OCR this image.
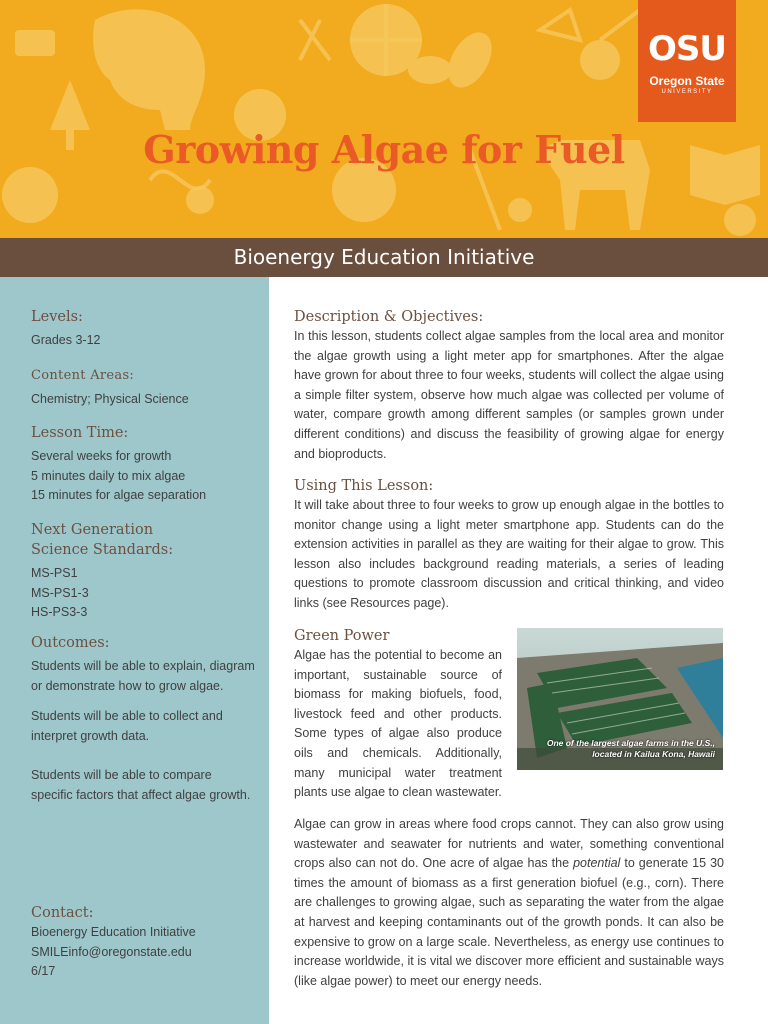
Growing Algae for Fuel
OSU
Oregon State
UNIVERSITY
Bioenergy Education Initiative

Levels:

Grades 3-12

Content Areas:

Chemistry; Physical Science

Lesson Time:

Several weeks for growth

5 minutes daily to mix algae

15 minutes for algae separation

Next Generation Science Standards:

MS-PS1

MS-PS1-3

HS-PS3-3

Outcomes:

Students will be able to explain, diagram or demonstrate how to grow algae.

Students will be able to collect and interpret growth data.

Students will be able to compare specific factors that affect algae growth.

Contact:

Bioenergy Education Initiative

SMILEinfo@oregonstate.edu

6/17

Description & Objectives:

In this lesson, students collect algae samples from the local area and monitor the algae growth using a light meter app for smartphones. After the algae have grown for about three to four weeks, students will collect the algae using a simple filter system, observe how much algae was collected per volume of water, compare growth among different samples (or samples grown under different conditions) and discuss the feasibility of growing algae for energy and bioproducts.

Using This Lesson:

It will take about three to four weeks to grow up enough algae in the bottles to monitor change using a light meter smartphone app. Students can do the extension activities in parallel as they are waiting for their algae to grow. This lesson also includes background reading materials, a series of leading questions to promote classroom discussion and critical thinking, and video links (see Resources page).

Green Power

Algae has the potential to become an important, sustainable source of biomass for making biofuels, food, livestock feed and other products. Some types of algae also produce oils and chemicals. Additionally, many municipal water treatment plants use algae to clean wastewater.

One of the largest algae farms in the U.S., located in Kailua Kona, Hawaii

Algae can grow in areas where food crops cannot. They can also grow using wastewater and seawater for nutrients and water, something conventional crops also can not do. One acre of algae has the potential to generate 15 30 times the amount of biomass as a first generation biofuel (e.g., corn). There are challenges to growing algae, such as separating the water from the algae at harvest and keeping contaminants out of the growth ponds. It can also be expensive to grow on a large scale. Nevertheless, as energy use continues to increase worldwide, it is vital we discover more efficient and sustainable ways (like algae power) to meet our energy needs.
